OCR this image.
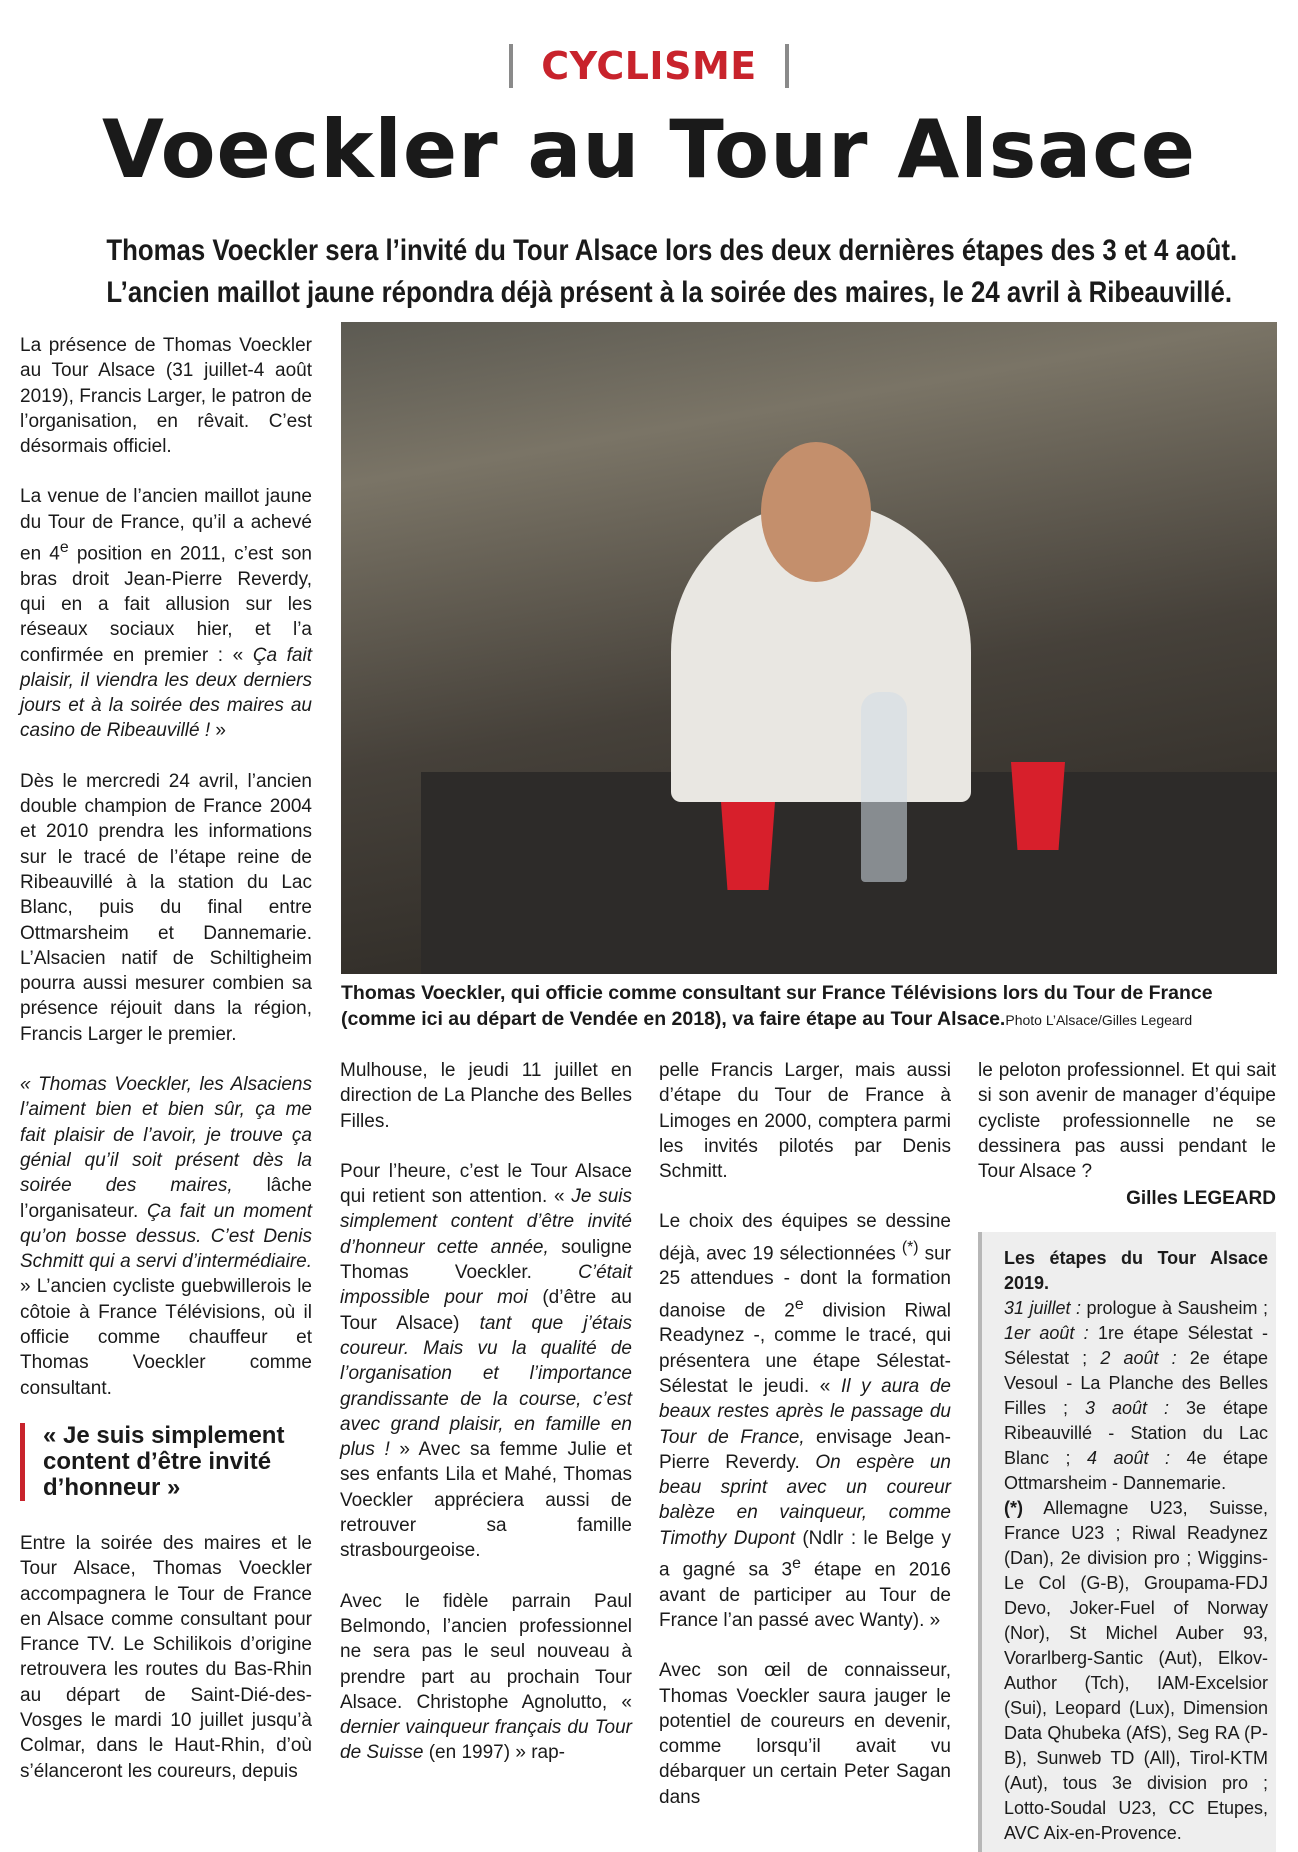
CYCLISME
Voeckler au Tour Alsace
Thomas Voeckler sera l’invité du Tour Alsace lors des deux dernières étapes des 3 et 4 août.
L’ancien maillot jaune répondra déjà présent à la soirée des maires, le 24 avril à Ribeauvillé.

La présence de Thomas Voeckler au Tour Alsace (31 juillet-4 août 2019), Francis Larger, le patron de l’organisation, en rêvait. C’est désormais officiel.

La venue de l’ancien maillot jaune du Tour de France, qu’il a achevé en 4e position en 2011, c’est son bras droit Jean-Pierre Reverdy, qui en a fait allusion sur les réseaux sociaux hier, et l’a confirmée en premier : « Ça fait plaisir, il viendra les deux derniers jours et à la soirée des maires au casino de Ribeauvillé ! »

Dès le mercredi 24 avril, l’ancien double champion de France 2004 et 2010 prendra les informations sur le tracé de l’étape reine de Ribeauvillé à la station du Lac Blanc, puis du final entre Ottmarsheim et Dannemarie. L’Alsacien natif de Schiltigheim pourra aussi mesurer combien sa présence réjouit dans la région, Francis Larger le premier.

« Thomas Voeckler, les Alsaciens l’aiment bien et bien sûr, ça me fait plaisir de l’avoir, je trouve ça génial qu’il soit présent dès la soirée des maires, lâche l’organisateur. Ça fait un moment qu’on bosse dessus. C’est Denis Schmitt qui a servi d’intermédiaire. » L’ancien cycliste guebwillerois le côtoie à France Télévisions, où il officie comme chauffeur et Thomas Voeckler comme consultant.

« Je suis simplement content d’être invité d’honneur »

Entre la soirée des maires et le Tour Alsace, Thomas Voeckler accompagnera le Tour de France en Alsace comme consultant pour France TV. Le Schilikois d’origine retrouvera les routes du Bas-Rhin au départ de Saint-Dié-des-Vosges le mardi 10 juillet jusqu’à Colmar, dans le Haut-Rhin, d’où s’élanceront les coureurs, depuis

Thomas Voeckler, qui officie comme consultant sur France Télévisions lors du Tour de France (comme ici au départ de Vendée en 2018), va faire étape au Tour Alsace.Photo L’Alsace/Gilles Legeard

Mulhouse, le jeudi 11 juillet en direction de La Planche des Belles Filles.

Pour l’heure, c’est le Tour Alsace qui retient son attention. « Je suis simplement content d’être invité d’honneur cette année, souligne Thomas Voeckler. C’était impossible pour moi (d’être au Tour Alsace) tant que j’étais coureur. Mais vu la qualité de l’organisation et l’importance grandissante de la course, c’est avec grand plaisir, en famille en plus ! » Avec sa femme Julie et ses enfants Lila et Mahé, Thomas Voeckler appréciera aussi de retrouver sa famille strasbourgeoise.

Avec le fidèle parrain Paul Belmondo, l’ancien professionnel ne sera pas le seul nouveau à prendre part au prochain Tour Alsace. Christophe Agnolutto, « dernier vainqueur français du Tour de Suisse (en 1997) » rap-

pelle Francis Larger, mais aussi d’étape du Tour de France à Limoges en 2000, comptera parmi les invités pilotés par Denis Schmitt.

Le choix des équipes se dessine déjà, avec 19 sélectionnées (*) sur 25 attendues - dont la formation danoise de 2e division Riwal Readynez -, comme le tracé, qui présentera une étape Sélestat-Sélestat le jeudi. « Il y aura de beaux restes après le passage du Tour de France, envisage Jean-Pierre Reverdy. On espère un beau sprint avec un coureur balèze en vainqueur, comme Timothy Dupont (Ndlr : le Belge y a gagné sa 3e étape en 2016 avant de participer au Tour de France l’an passé avec Wanty). »

Avec son œil de connaisseur, Thomas Voeckler saura jauger le potentiel de coureurs en devenir, comme lorsqu’il avait vu débarquer un certain Peter Sagan dans

le peloton professionnel. Et qui sait si son avenir de manager d’équipe cycliste professionnelle ne se dessinera pas aussi pendant le Tour Alsace ?

Gilles LEGEARD
Les étapes du Tour Alsace 2019.
31 juillet : prologue à Sausheim ; 1er août : 1re étape Sélestat - Sélestat ; 2 août : 2e étape Vesoul - La Planche des Belles Filles ; 3 août : 3e étape Ribeauvillé - Station du Lac Blanc ; 4 août : 4e étape Ottmarsheim - Dannemarie.
(*) Allemagne U23, Suisse, France U23 ; Riwal Readynez (Dan), 2e division pro ; Wiggins-Le Col (G-B), Groupama-FDJ Devo, Joker-Fuel of Norway (Nor), St Michel Auber 93, Vorarlberg-Santic (Aut), Elkov-Author (Tch), IAM-Excelsior (Sui), Leopard (Lux), Dimension Data Qhubeka (AfS), Seg RA (P-B), Sunweb TD (All), Tirol-KTM (Aut), tous 3e division pro ; Lotto-Soudal U23, CC Etupes, AVC Aix-en-Provence.
